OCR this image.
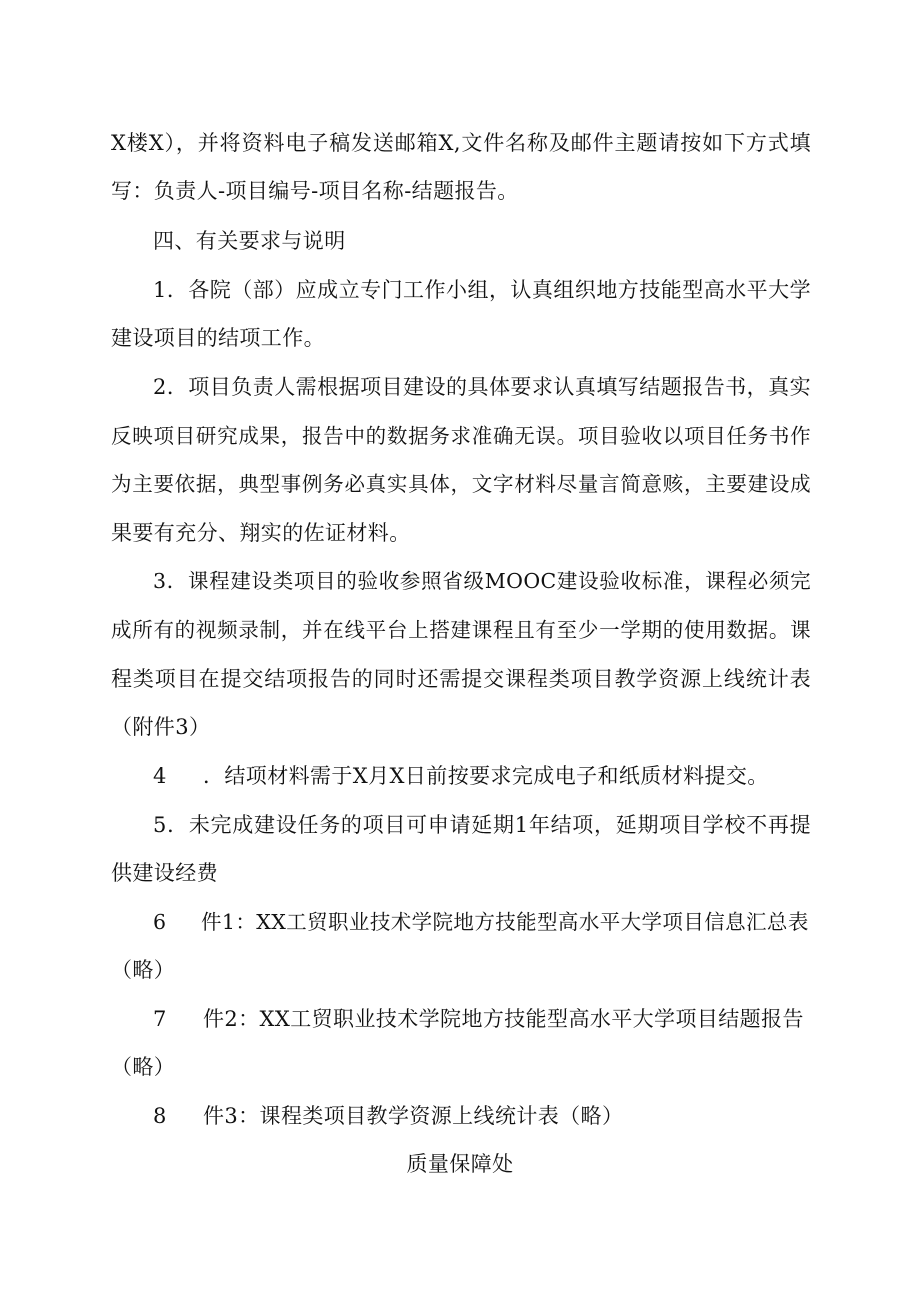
X楼X），并将资料电子稿发送邮箱X,文件名称及邮件主题请按如下方式填
写：负责人-项目编号-项目名称-结题报告。
四、有关要求与说明
1．各院（部）应成立专门工作小组，认真组织地方技能型高水平大学
建设项目的结项工作。
2．项目负责人需根据项目建设的具体要求认真填写结题报告书，真实
反映项目研究成果，报告中的数据务求准确无误。项目验收以项目任务书作
为主要依据，典型事例务必真实具体，文字材料尽量言简意赅，主要建设成
果要有充分、翔实的佐证材料。
3．课程建设类项目的验收参照省级MOOC建设验收标准，课程必须完
成所有的视频录制，并在线平台上搭建课程且有至少一学期的使用数据。课
程类项目在提交结项报告的同时还需提交课程类项目教学资源上线统计表
（附件3）
4 ．结项材料需于X月X日前按要求完成电子和纸质材料提交。
5．未完成建设任务的项目可申请延期1年结项，延期项目学校不再提
供建设经费
6 件1：XX工贸职业技术学院地方技能型高水平大学项目信息汇总表
（略）
7 件2：XX工贸职业技术学院地方技能型高水平大学项目结题报告
（略）
8 件3：课程类项目教学资源上线统计表（略）
质量保障处
